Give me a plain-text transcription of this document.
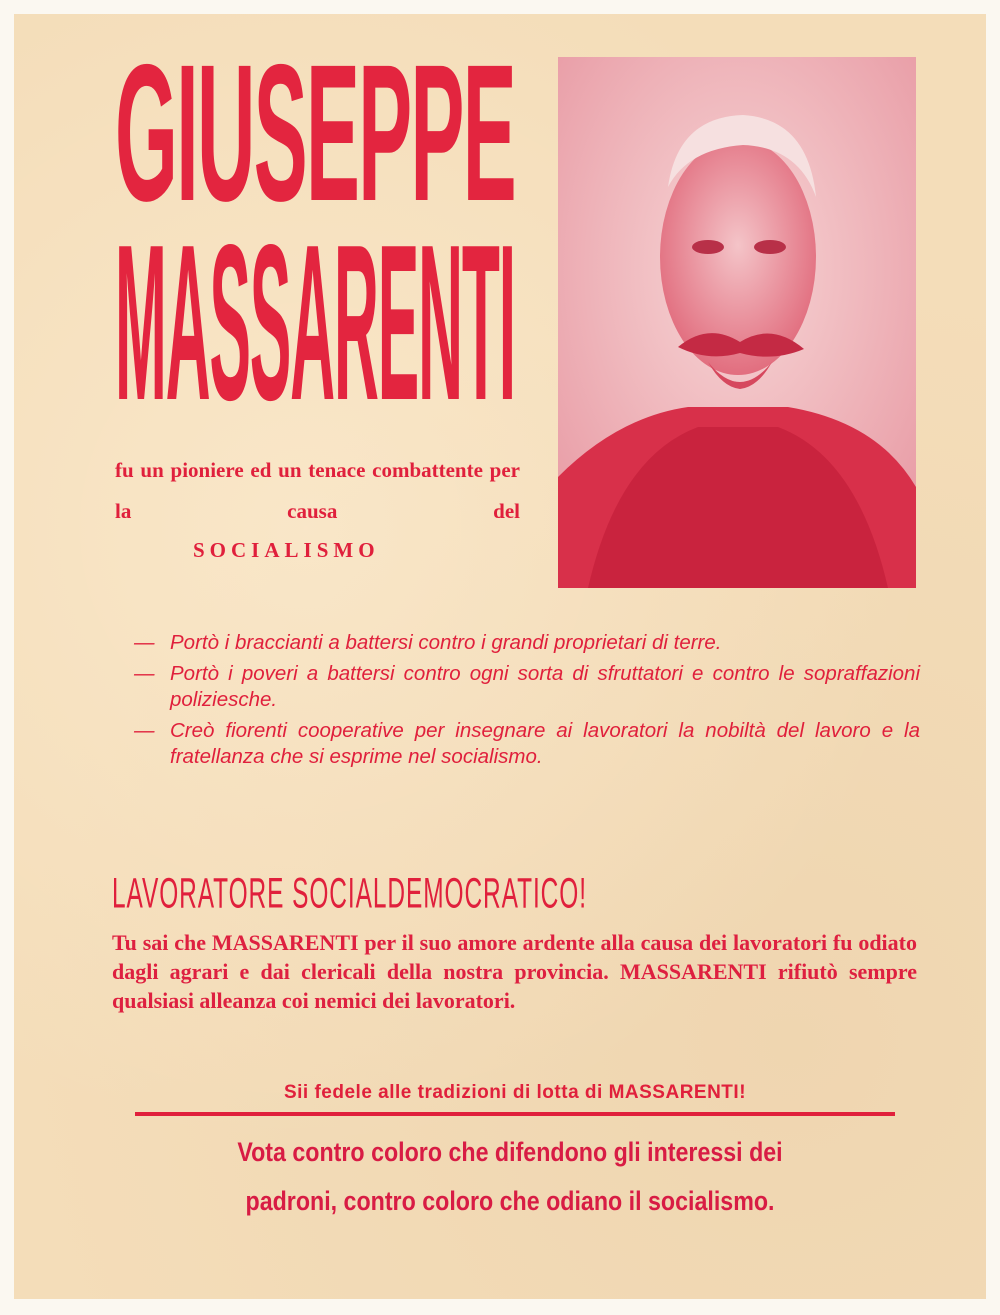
GIUSEPPE
MASSARENTI
fu un pioniere ed un tenace combattente per la causa del
SOCIALISMO
— Portò i braccianti a battersi contro i grandi proprietari di terre.
— Portò i poveri a battersi contro ogni sorta di sfruttatori e contro le sopraffazioni poliziesche.
— Creò fiorenti cooperative per insegnare ai lavoratori la nobiltà del lavoro e la fratellanza che si esprime nel socialismo.
LAVORATORE SOCIALDEMOCRATICO!
Tu sai che MASSARENTI per il suo amore ardente alla causa dei lavoratori fu odiato dagli agrari e dai clericali della nostra provincia. MASSARENTI rifiutò sempre qualsiasi alleanza coi nemici dei lavoratori.
Sii fedele alle tradizioni di lotta di MASSARENTI!
Vota contro coloro che difendono gli interessi dei padroni, contro coloro che odiano il socialismo.
